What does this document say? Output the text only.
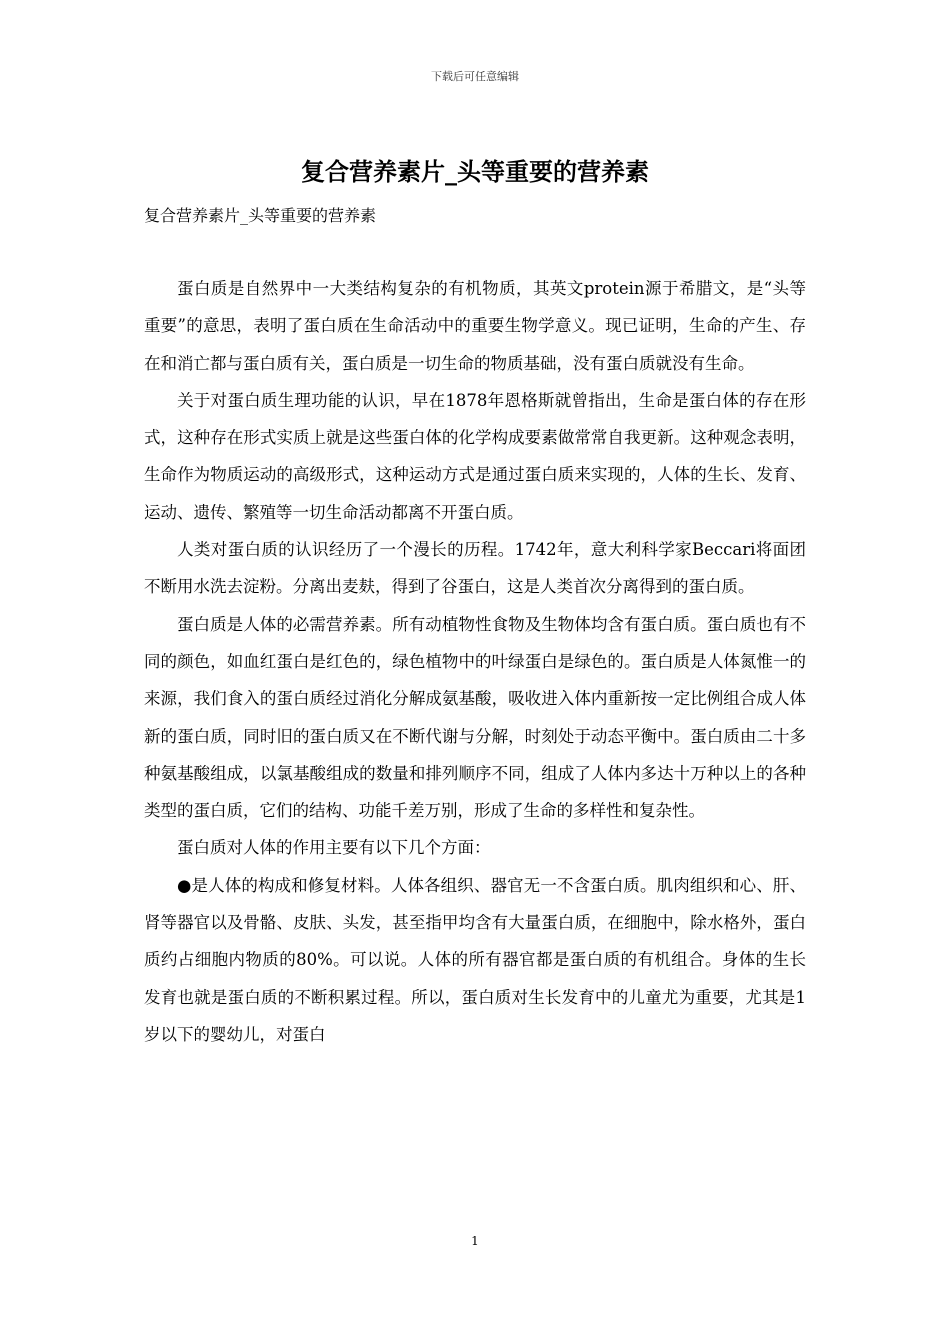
下载后可任意编辑
复合营养素片_头等重要的营养素

复合营养素片_头等重要的营养素

蛋白质是自然界中一大类结构复杂的有机物质，其英文protein源于希腊文，是“头等重要”的意思，表明了蛋白质在生命活动中的重要生物学意义。现已证明，生命的产生、存在和消亡都与蛋白质有关，蛋白质是一切生命的物质基础，没有蛋白质就没有生命。

关于对蛋白质生理功能的认识，早在1878年恩格斯就曾指出，生命是蛋白体的存在形式，这种存在形式实质上就是这些蛋白体的化学构成要素做常常自我更新。这种观念表明，生命作为物质运动的高级形式，这种运动方式是通过蛋白质来实现的，人体的生长、发育、运动、遗传、繁殖等一切生命活动都离不开蛋白质。

人类对蛋白质的认识经历了一个漫长的历程。1742年，意大利科学家Beccari将面团不断用水洗去淀粉。分离出麦麸，得到了谷蛋白，这是人类首次分离得到的蛋白质。

蛋白质是人体的必需营养素。所有动植物性食物及生物体均含有蛋白质。蛋白质也有不同的颜色，如血红蛋白是红色的，绿色植物中的叶绿蛋白是绿色的。蛋白质是人体氮惟一的来源，我们食入的蛋白质经过消化分解成氨基酸，吸收进入体内重新按一定比例组合成人体新的蛋白质，同时旧的蛋白质又在不断代谢与分解，时刻处于动态平衡中。蛋白质由二十多种氨基酸组成，以氯基酸组成的数量和排列顺序不同，组成了人体内多达十万种以上的各种类型的蛋白质，它们的结构、功能千差万别，形成了生命的多样性和复杂性。

蛋白质对人体的作用主要有以下几个方面：

●是人体的构成和修复材料。人体各组织、器官无一不含蛋白质。肌肉组织和心、肝、肾等器官以及骨骼、皮肤、头发，甚至指甲均含有大量蛋白质，在细胞中，除水格外，蛋白质约占细胞内物质的80%。可以说。人体的所有器官都是蛋白质的有机组合。身体的生长发育也就是蛋白质的不断积累过程。所以，蛋白质对生长发育中的儿童尤为重要，尤其是1岁以下的婴幼儿，对蛋白

1
